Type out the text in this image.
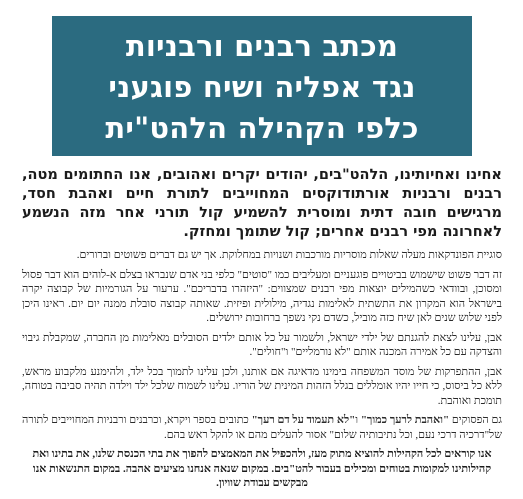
מכתב רבנים ורבניות
נגד אפליה ושיח פוגעני
כלפי הקהילה הלהט"ית

אחינו ואחיותינו, הלהט"בים, יהודים יקרים ואהובים, אנו החתומים מטה, רבנים ורבניות אורתודוקסים המחוייבים לתורת חיים ואהבת חסד, מרגישים חובה דתית ומוסרית להשמיע קול תורני אחר מזה הנשמע לאחרונה מפי רבנים אחרים; קול שתומך ומחזק.

סוגיית הפונדקאות מעלה שאלות מוסריות מורכבות ושנויות במחלוקת. אך יש גם דברים פשוטים וברורים.

זה דבר פשוט שישמוש בביטויים פוגעניים ומעליבים כמו "סוטים" כלפי בני אדם שנבראו בצלם א-לוהים הוא דבר פסול ומסוכן, ובוודאי כשהמילים יוצאות מפי רבנים שמצווים: "היזהרו בדבריכם". ערעור על הגורמיות של קבוצה יקרה בישראל הוא המקרון את התשתית לאלימות נגדיה, מילולית ופיזית. שאותה קבוצה סובלת ממנה יום יום. ראינו היכן לפני שלוש שנים לאן שיח כזה מוביל, כשדם נקי נשפך ברחובות ירושלים.

אבן, עלינו לצאת להגנתם של ילדי ישראל, ולשמור על כל אותם ילדים הסובלים מאלימות מן החברה, שמקבלת גיבוי והצדקה עם כל אמירה המכנה אותם "לא נורמליים" ו"חולים".

אבן, ההתפרקות של מוסד המשפחה בימינו מדאיגה אם אותנו, ולכן עלינו לתמוך בכל ילד, ולהימנע מלקבוע מראש, ללא כל ביסוס, כי חייו יהיו אומללים בגלל הזהות המינית של הוריו. עלינו לשמוח שלכל ילד וילדה תהיה סביבה בטוחה, תומכת ואוהבת.

גם הפסוקים "ואהבת לרעך כמוך" ו"לא תעמוד על דם רעך" כתובים בספר ויקרא, וכרבנים ורבניות המחוייבים לתורה של"דרכיה דרכי נעם, וכל נתיבותיה שלום" אסור להעלים מהם או להקל ראש בהם.

אנו קוראים לכל הקהילות להוציא מתוק מעז, ולהכפיל את המאמצים להפוך את בתי הכנסת שלנו, את בתינו ואת קהילותינו למקומות בטוחים ומכילים בעבור להט"בים. במקום שנאה אנחנו מציעים אהבה. במקום התנשאות אנו מבקשים עבודת שוויון.
